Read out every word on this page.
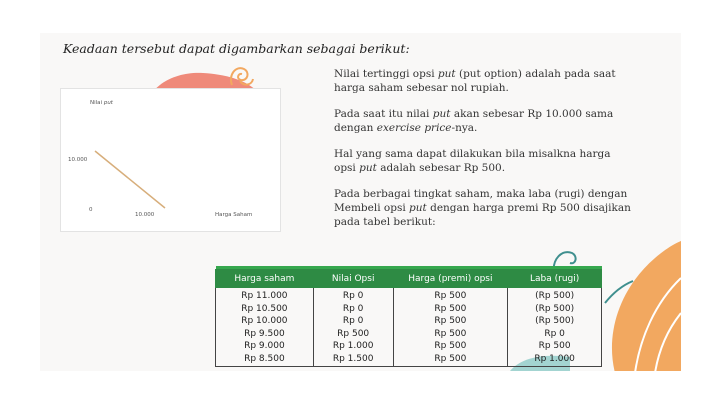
Keadaan tersebut dapat digambarkan sebagai berikut:
Nilai put
10.000
0
10.000	Harga Saham

Nilai tertinggi opsi put (put option) adalah pada saat harga saham sebesar nol rupiah.

Pada saat itu nilai put akan sebesar Rp 10.000 sama dengan exercise price-nya.

Hal yang sama dapat dilakukan bila misalkna harga opsi put adalah sebesar Rp 500.

Pada berbagai tingkat saham, maka laba (rugi) dengan Membeli opsi put dengan harga premi Rp 500 disajikan
pada tabel berikut:

Harga saham	Nilai Opsi	Harga (premi) opsi	Laba (rugi)
Rp 11.000	Rp 0	Rp 500	(Rp 500)
Rp 10.500	Rp 0	Rp 500	(Rp 500)
Rp 10.000	Rp 0	Rp 500	(Rp 500)
Rp 9.500	Rp 500	Rp 500	Rp 0
Rp 9.000	Rp 1.000	Rp 500	Rp 500
Rp 8.500	Rp 1.500	Rp 500	Rp 1.000
